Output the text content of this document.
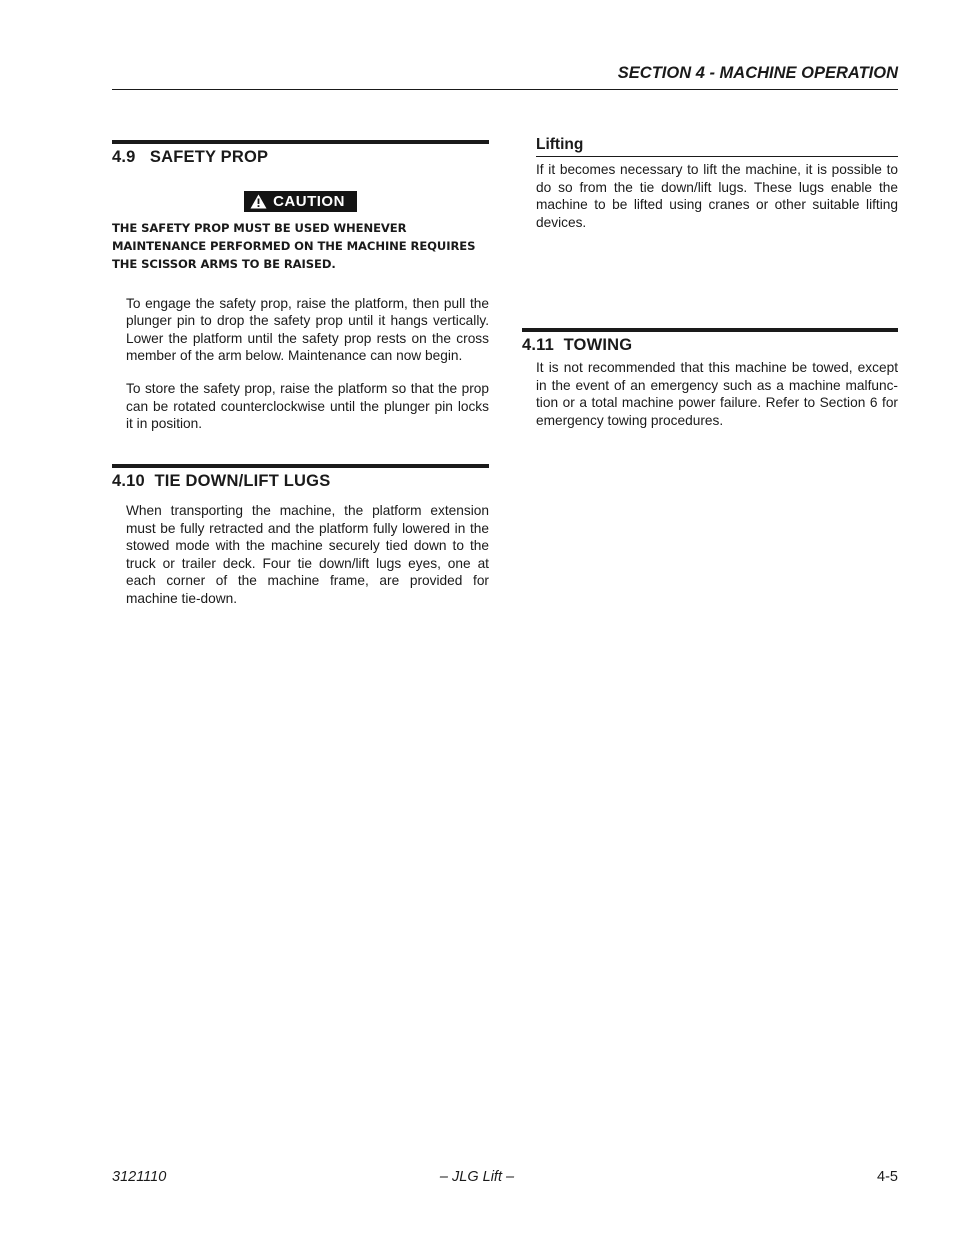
SECTION 4 - MACHINE OPERATION
4.9   SAFETY PROP
CAUTION
THE SAFETY PROP MUST BE USED WHENEVER MAINTENANCE PERFORMED ON THE MACHINE REQUIRES THE SCISSOR ARMS TO BE RAISED.

To engage the safety prop, raise the platform, then pull the plunger pin to drop the safety prop until it hangs vertically. Lower the platform until the safety prop rests on the cross member of the arm below. Maintenance can now begin.

To store the safety prop, raise the platform so that the prop can be rotated counterclockwise until the plunger pin locks it in position.

4.10  TIE DOWN/LIFT LUGS

When transporting the machine, the platform extension must be fully retracted and the platform fully lowered in the stowed mode with the machine securely tied down to the truck or trailer deck. Four tie down/lift lugs eyes, one at each corner of the machine frame, are provided for machine tie-down.

Lifting

If it becomes necessary to lift the machine, it is possible to do so from the tie down/lift lugs. These lugs enable the machine to be lifted using cranes or other suitable lifting devices.

4.11  TOWING

It is not recommended that this machine be towed, except in the event of an emergency such as a machine malfunc-tion or a total machine power failure. Refer to Section 6 for emergency towing procedures.

3121110	– JLG Lift –	4-5
